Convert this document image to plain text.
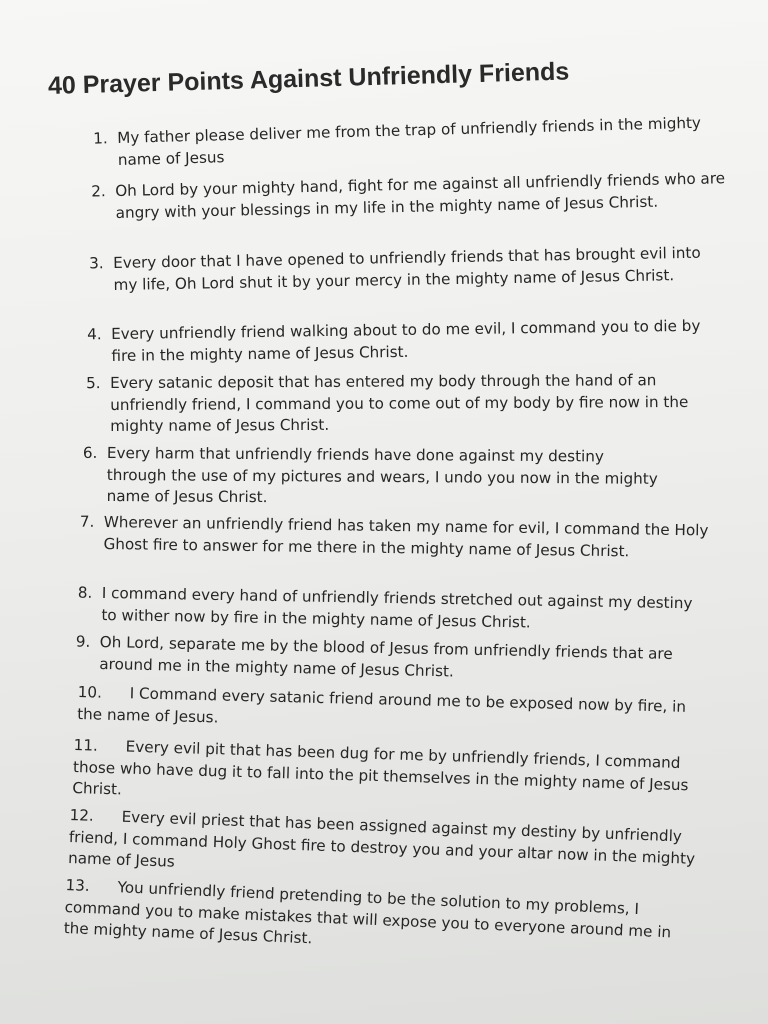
40 Prayer Points Against Unfriendly Friends
1. My father please deliver me from the trap of unfriendly friends in the mighty name of Jesus
2. Oh Lord by your mighty hand, fight for me against all unfriendly friends who are angry with your blessings in my life in the mighty name of Jesus Christ.
3. Every door that I have opened to unfriendly friends that has brought evil into my life, Oh Lord shut it by your mercy in the mighty name of Jesus Christ.
4. Every unfriendly friend walking about to do me evil, I command you to die by fire in the mighty name of Jesus Christ.
5. Every satanic deposit that has entered my body through the hand of an unfriendly friend, I command you to come out of my body by fire now in the mighty name of Jesus Christ.
6. Every harm that unfriendly friends have done against my destiny through the use of my pictures and wears, I undo you now in the mighty name of Jesus Christ.
7. Wherever an unfriendly friend has taken my name for evil, I command the Holy Ghost fire to answer for me there in the mighty name of Jesus Christ.
8. I command every hand of unfriendly friends stretched out against my destiny to wither now by fire in the mighty name of Jesus Christ.
9. Oh Lord, separate me by the blood of Jesus from unfriendly friends that are around me in the mighty name of Jesus Christ.
10.	I Command every satanic friend around me to be exposed now by fire, in the name of Jesus.
11.	Every evil pit that has been dug for me by unfriendly friends, I command those who have dug it to fall into the pit themselves in the mighty name of Jesus Christ.
12.	Every evil priest that has been assigned against my destiny by unfriendly friend, I command Holy Ghost fire to destroy you and your altar now in the mighty name of Jesus
13.	You unfriendly friend pretending to be the solution to my problems, I command you to make mistakes that will expose you to everyone around me in the mighty name of Jesus Christ.
